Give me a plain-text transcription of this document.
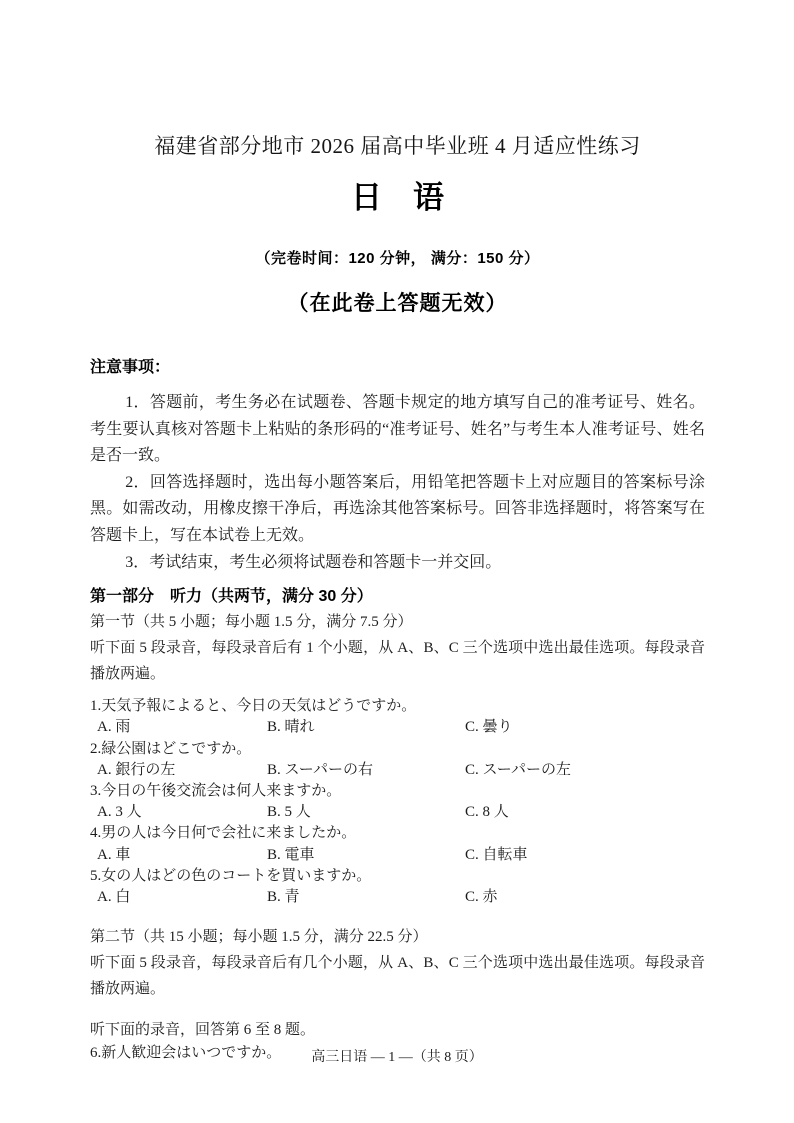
福建省部分地市 2026 届高中毕业班 4 月适应性练习
日　语
（完卷时间：120 分钟， 满分：150 分）
（在此卷上答题无效）
注意事项：

1．答题前，考生务必在试题卷、答题卡规定的地方填写自己的准考证号、姓名。考生要认真核对答题卡上粘贴的条形码的“准考证号、姓名”与考生本人准考证号、姓名是否一致。

2．回答选择题时，选出每小题答案后，用铅笔把答题卡上对应题目的答案标号涂黑。如需改动，用橡皮擦干净后，再选涂其他答案标号。回答非选择题时，将答案写在答题卡上，写在本试卷上无效。

3．考试结束，考生必须将试题卷和答题卡一并交回。

第一部分　听力（共两节，满分 30 分）
第一节（共 5 小题；每小题 1.5 分，满分 7.5 分）
听下面 5 段录音，每段录音后有 1 个小题，从 A、B、C 三个选项中选出最佳选项。每段录音播放两遍。
1.天気予報によると、今日の天気はどうですか。
A. 雨	B. 晴れ	C. 曇り
2.緑公園はどこですか。
A. 銀行の左	B. スーパーの右	C. スーパーの左
3.今日の午後交流会は何人来ますか。
A. 3 人	B. 5 人	C. 8 人
4.男の人は今日何で会社に来ましたか。
A. 車	B. 電車	C. 自転車
5.女の人はどの色のコートを買いますか。
A. 白	B. 青	C. 赤
第二节（共 15 小题；每小题 1.5 分，满分 22.5 分）
听下面 5 段录音，每段录音后有几个小题，从 A、B、C 三个选项中选出最佳选项。每段录音播放两遍。
听下面的录音，回答第 6 至 8 题。
6.新人歓迎会はいつですか。	高三日语 — 1 —（共 8 页）
